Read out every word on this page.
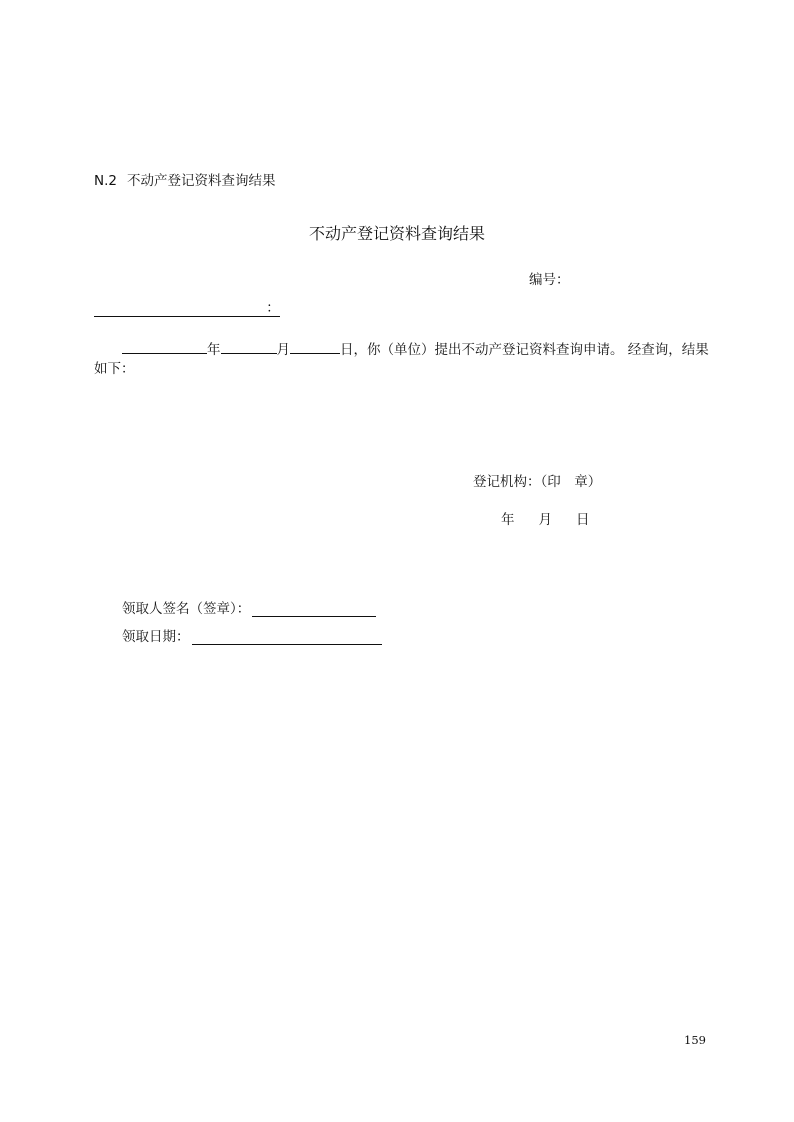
N.2 不动产登记资料查询结果
不动产登记资料查询结果
编号：
：
年	月	日，你（单位）提出不动产登记资料查询申请。 经查询，结果如下：
登记机构：（印　章）
年 月 日
领取人签名（签章）：
领取日期：
159
